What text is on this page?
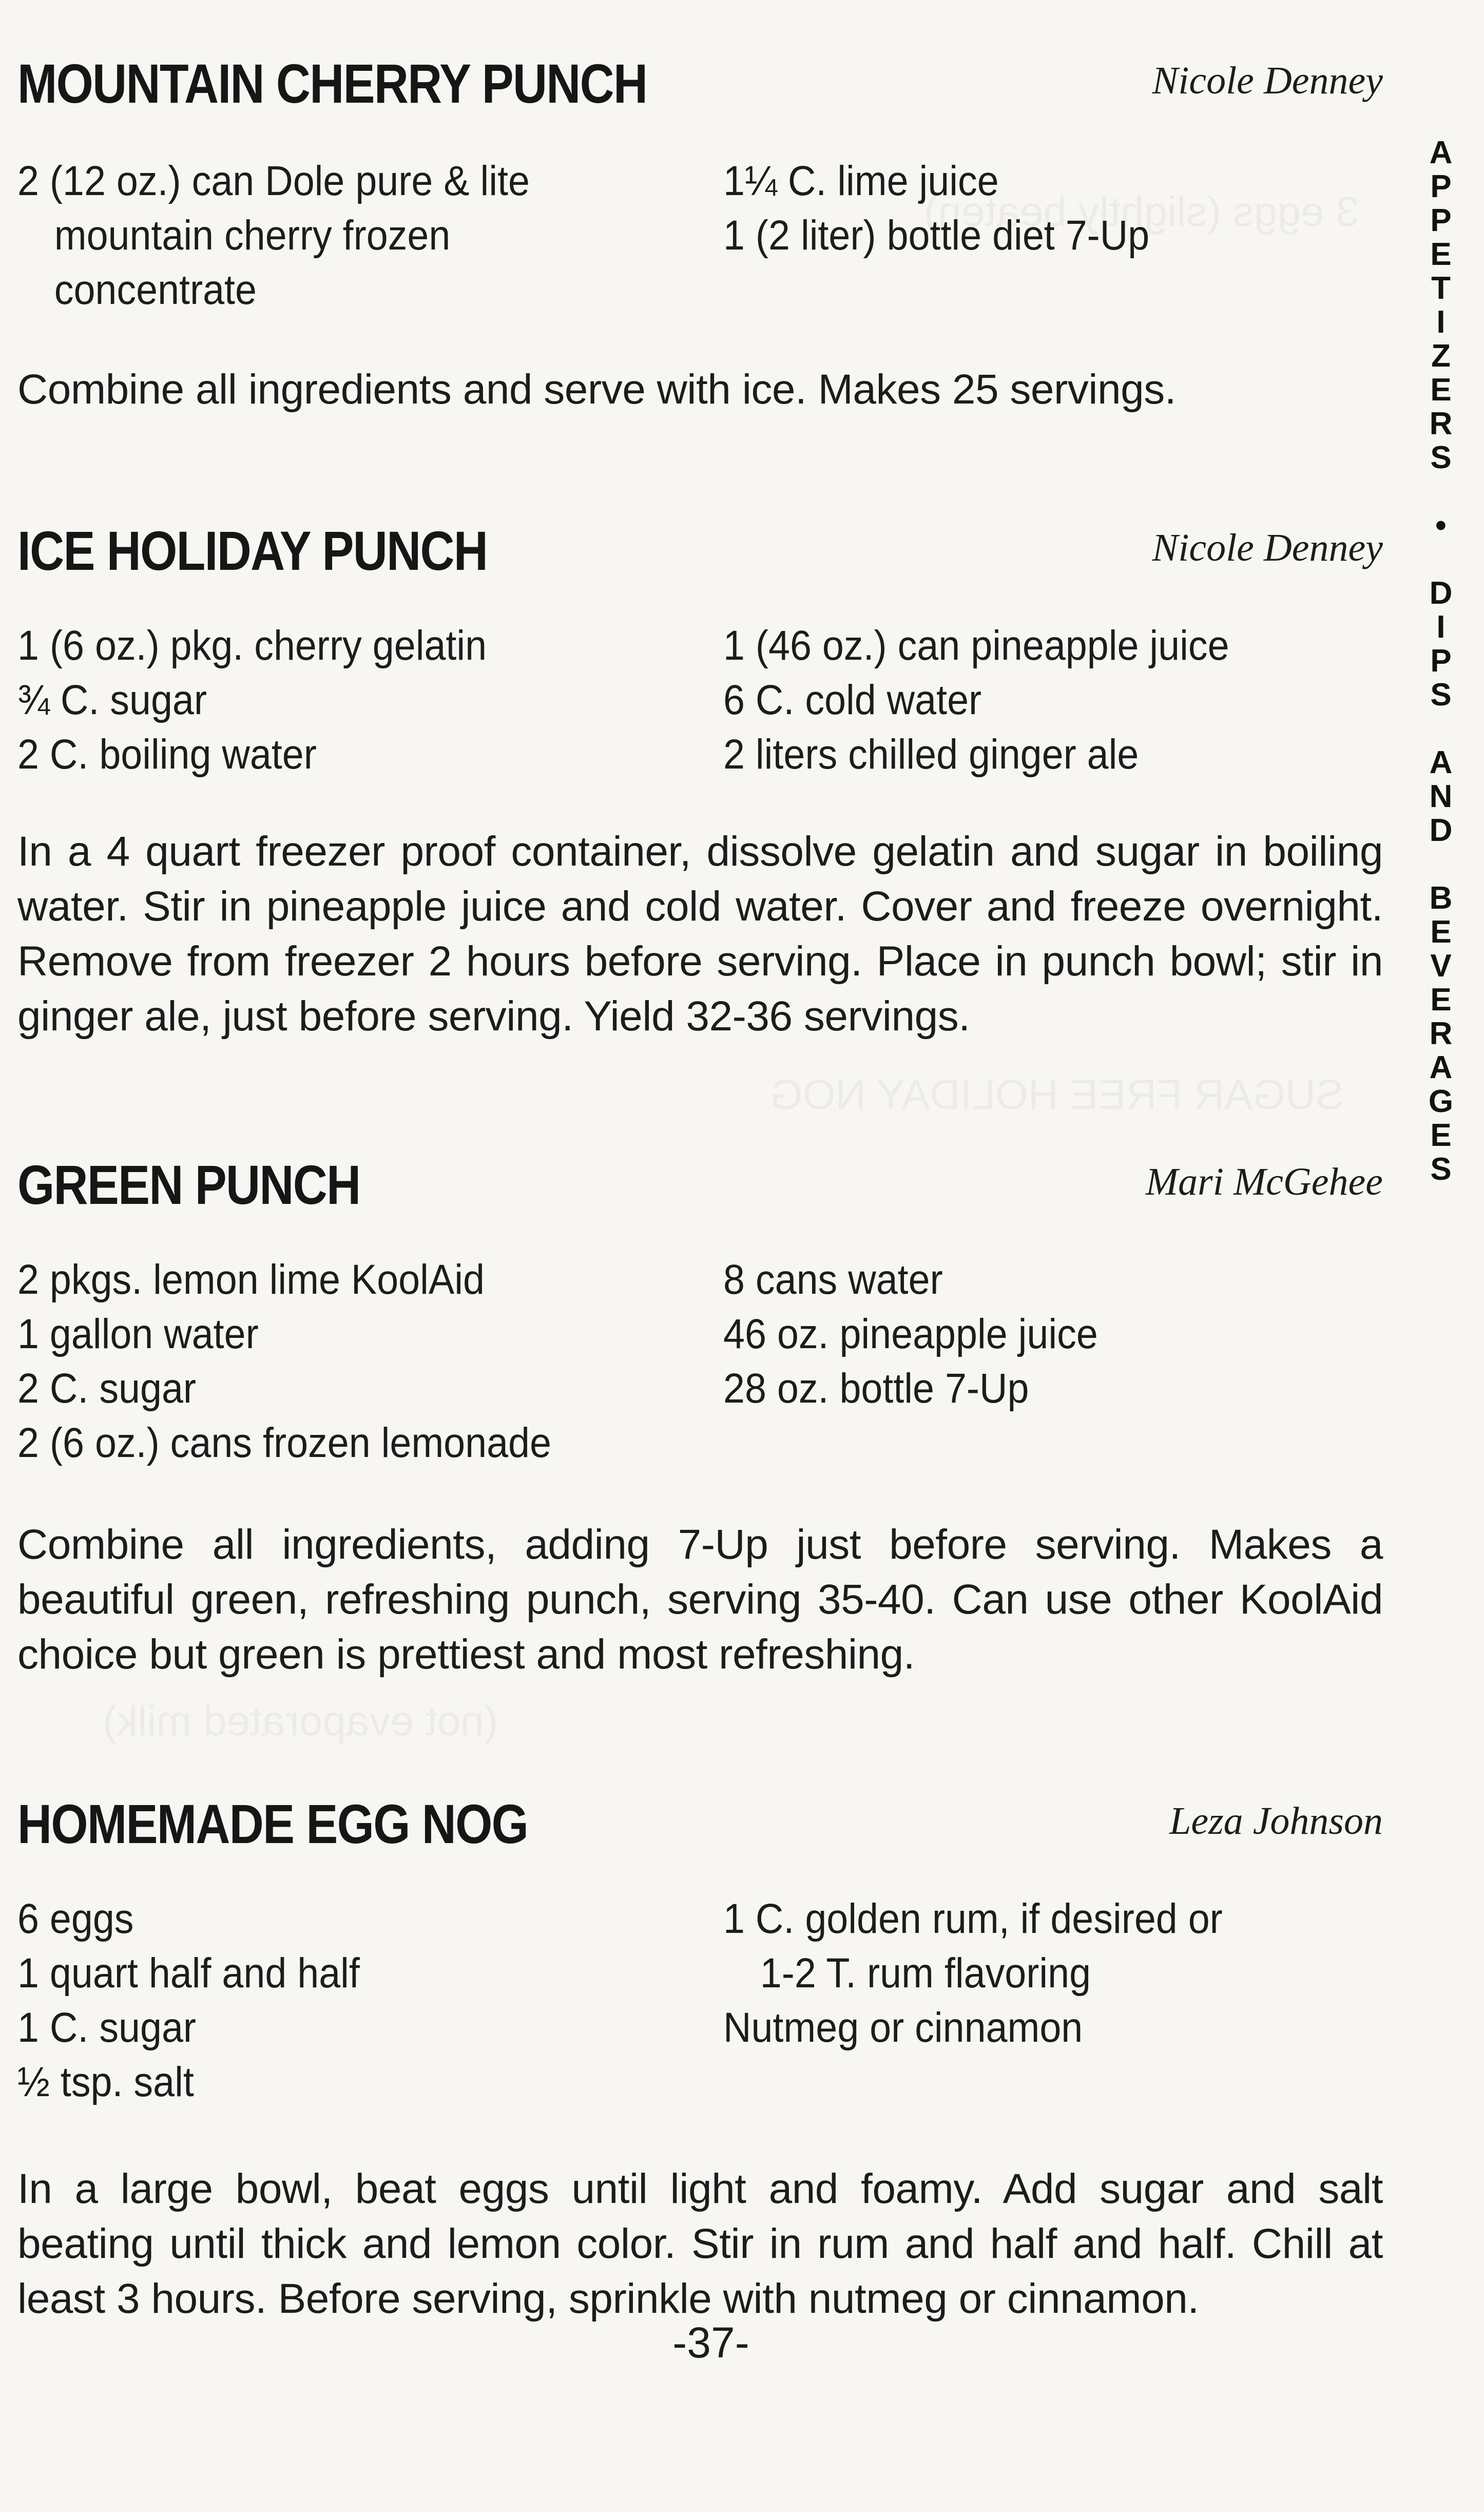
MOUNTAIN CHERRY PUNCH	Nicole Denney
2 (12 oz.) can Dole pure & lite
mountain cherry frozen
concentrate
1¼ C. lime juice
1 (2 liter) bottle diet 7-Up

Combine all ingredients and serve with ice. Makes 25 servings.

ICE HOLIDAY PUNCH	Nicole Denney
1 (6 oz.) pkg. cherry gelatin
¾ C. sugar
2 C. boiling water
1 (46 oz.) can pineapple juice
6 C. cold water
2 liters chilled ginger ale

In a 4 quart freezer proof container, dissolve gelatin and sugar in boiling water. Stir in pineapple juice and cold water. Cover and freeze overnight. Remove from freezer 2 hours before serving. Place in punch bowl; stir in ginger ale, just before serving. Yield 32-36 servings.

GREEN PUNCH	Mari McGehee
2 pkgs. lemon lime KoolAid
1 gallon water
2 C. sugar
2 (6 oz.) cans frozen lemonade
8 cans water
46 oz. pineapple juice
28 oz. bottle 7-Up

Combine all ingredients, adding 7-Up just before serving. Makes a beautiful green, refreshing punch, serving 35-40. Can use other KoolAid choice but green is prettiest and most refreshing.

HOMEMADE EGG NOG	Leza Johnson
6 eggs
1 quart half and half
1 C. sugar
½ tsp. salt
1 C. golden rum, if desired or
1-2 T. rum flavoring
Nutmeg or cinnamon

In a large bowl, beat eggs until light and foamy. Add sugar and salt beating until thick and lemon color. Stir in rum and half and half. Chill at least 3 hours. Before serving, sprinkle with nutmeg or cinnamon.

A
P
P
E
T
I
Z
E
R
S
•
D
I
P
S
A
N
D
B
E
V
E
R
A
G
E
S
-37-
